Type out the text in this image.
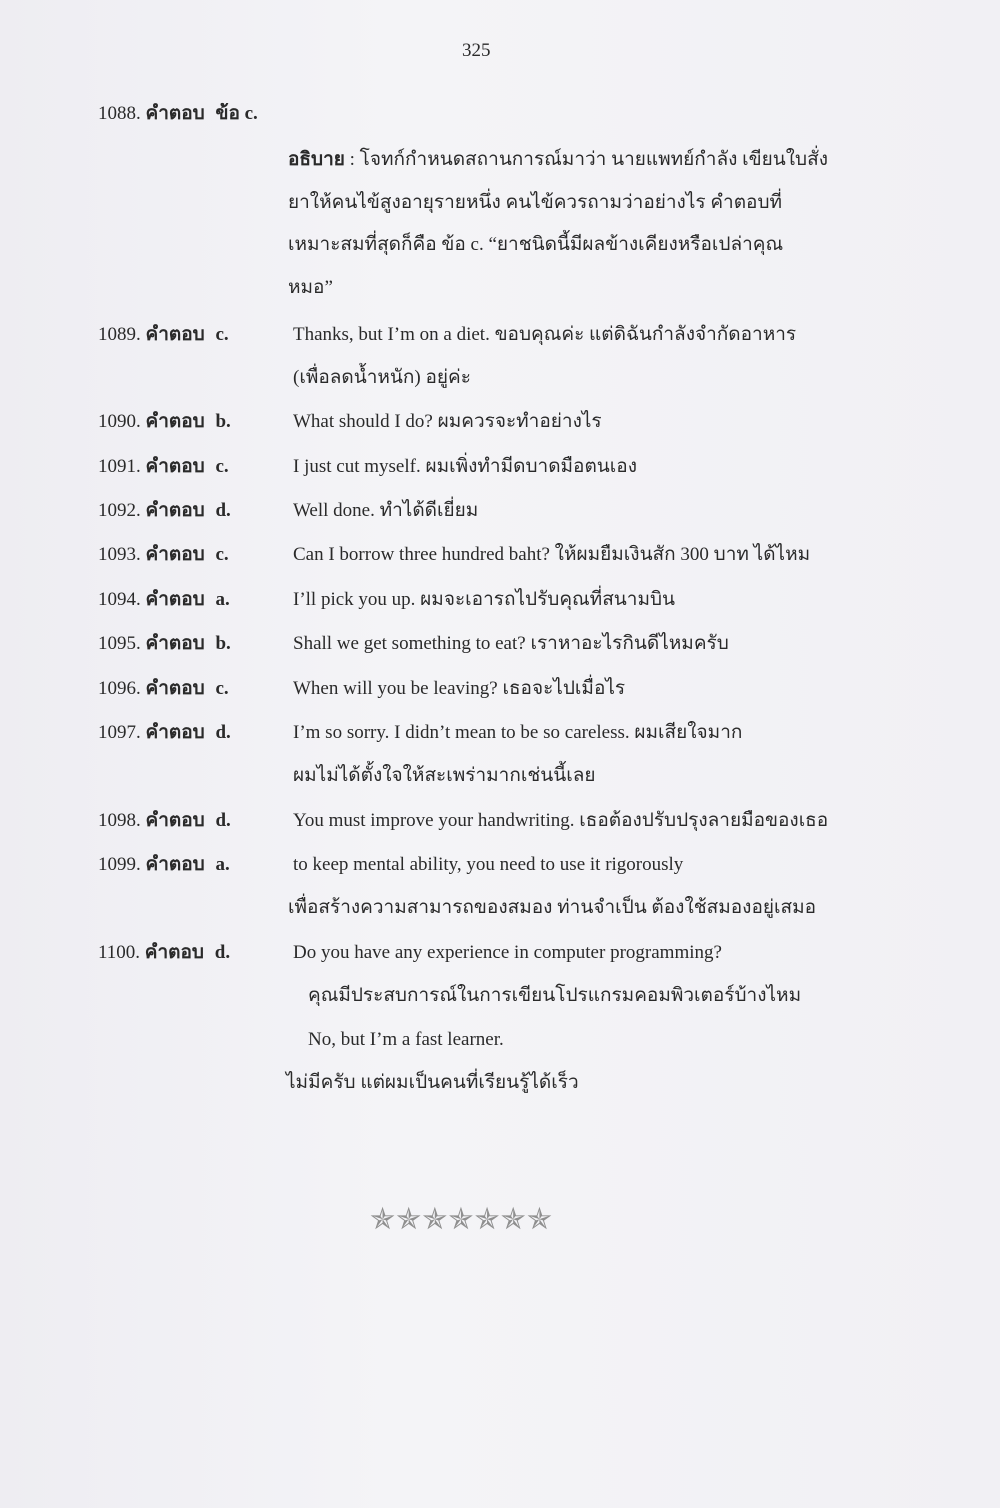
325
1088. คำตอบ ข้อ c.
อธิบาย : โจทก์กำหนดสถานการณ์มาว่า นายแพทย์กำลัง เขียนใบสั่ง
ยาให้คนไข้สูงอายุรายหนึ่ง คนไข้ควรถามว่าอย่างไร คำตอบที่
เหมาะสมที่สุดก็คือ ข้อ c. “ยาชนิดนี้มีผลข้างเคียงหรือเปล่าคุณ
หมอ”
1089. คำตอบ c.	Thanks, but I’m on a diet. ขอบคุณค่ะ แต่ดิฉันกำลังจำกัดอาหาร
(เพื่อลดน้ำหนัก) อยู่ค่ะ
1090. คำตอบ b.	What should I do? ผมควรจะทำอย่างไร
1091. คำตอบ c.	I just cut myself. ผมเพิ่งทำมีดบาดมือตนเอง
1092. คำตอบ d.	Well done. ทำได้ดีเยี่ยม
1093. คำตอบ c.	Can I borrow three hundred baht? ให้ผมยืมเงินสัก 300 บาท ได้ไหม
1094. คำตอบ a.	I’ll pick you up. ผมจะเอารถไปรับคุณที่สนามบิน
1095. คำตอบ b.	Shall we get something to eat? เราหาอะไรกินดีไหมครับ
1096. คำตอบ c.	When will you be leaving? เธอจะไปเมื่อไร
1097. คำตอบ d.	I’m so sorry. I didn’t mean to be so careless. ผมเสียใจมาก
ผมไม่ได้ตั้งใจให้สะเพร่ามากเช่นนี้เลย
1098. คำตอบ d.	You must improve your handwriting. เธอต้องปรับปรุงลายมือของเธอ
1099. คำตอบ a.	to keep mental ability, you need to use it rigorously
เพื่อสร้างความสามารถของสมอง ท่านจำเป็น ต้องใช้สมองอยู่เสมอ
1100. คำตอบ d.	Do you have any experience in computer programming?
คุณมีประสบการณ์ในการเขียนโปรแกรมคอมพิวเตอร์บ้างไหม
No, but I’m a fast learner.
ไม่มีครับ แต่ผมเป็นคนที่เรียนรู้ได้เร็ว
✯✯✯✯✯✯✯
